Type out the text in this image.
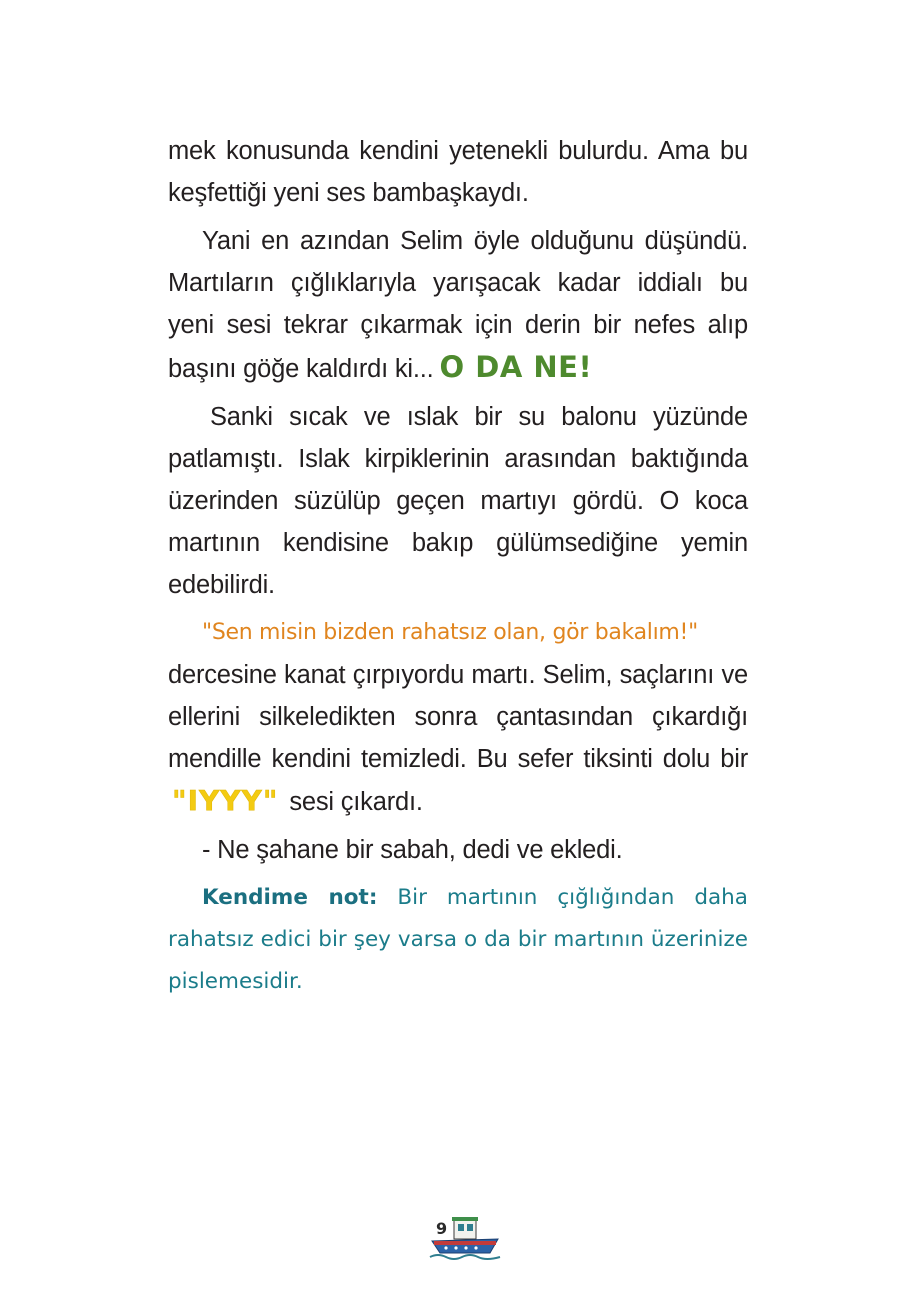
mek konusunda kendini yetenekli bulurdu. Ama bu keşfettiği yeni ses bambaşkaydı.

Yani en azından Selim öyle olduğunu düşündü. Martıların çığlıklarıyla yarışacak kadar iddialı bu yeni sesi tekrar çıkarmak için derin bir nefes alıp başını göğe kaldırdı ki... O DA NE!

Sanki sıcak ve ıslak bir su balonu yüzünde patlamıştı. Islak kirpiklerinin arasından baktığında üzerinden süzülüp geçen martıyı gördü. O koca martının kendisine bakıp gülümsediğine yemin edebilirdi.

"Sen misin bizden rahatsız olan, gör bakalım!"
dercesine kanat çırpıyordu martı. Selim, saçlarını ve ellerini silkeledikten sonra çantasından çıkardığı mendille kendini temizledi. Bu sefer tiksinti dolu bir "IYYY" sesi çıkardı.

- Ne şahane bir sabah, dedi ve ekledi.

Kendime not: Bir martının çığlığından daha rahatsız edici bir şey varsa o da bir martının üzerinize pislemesidir.

9
